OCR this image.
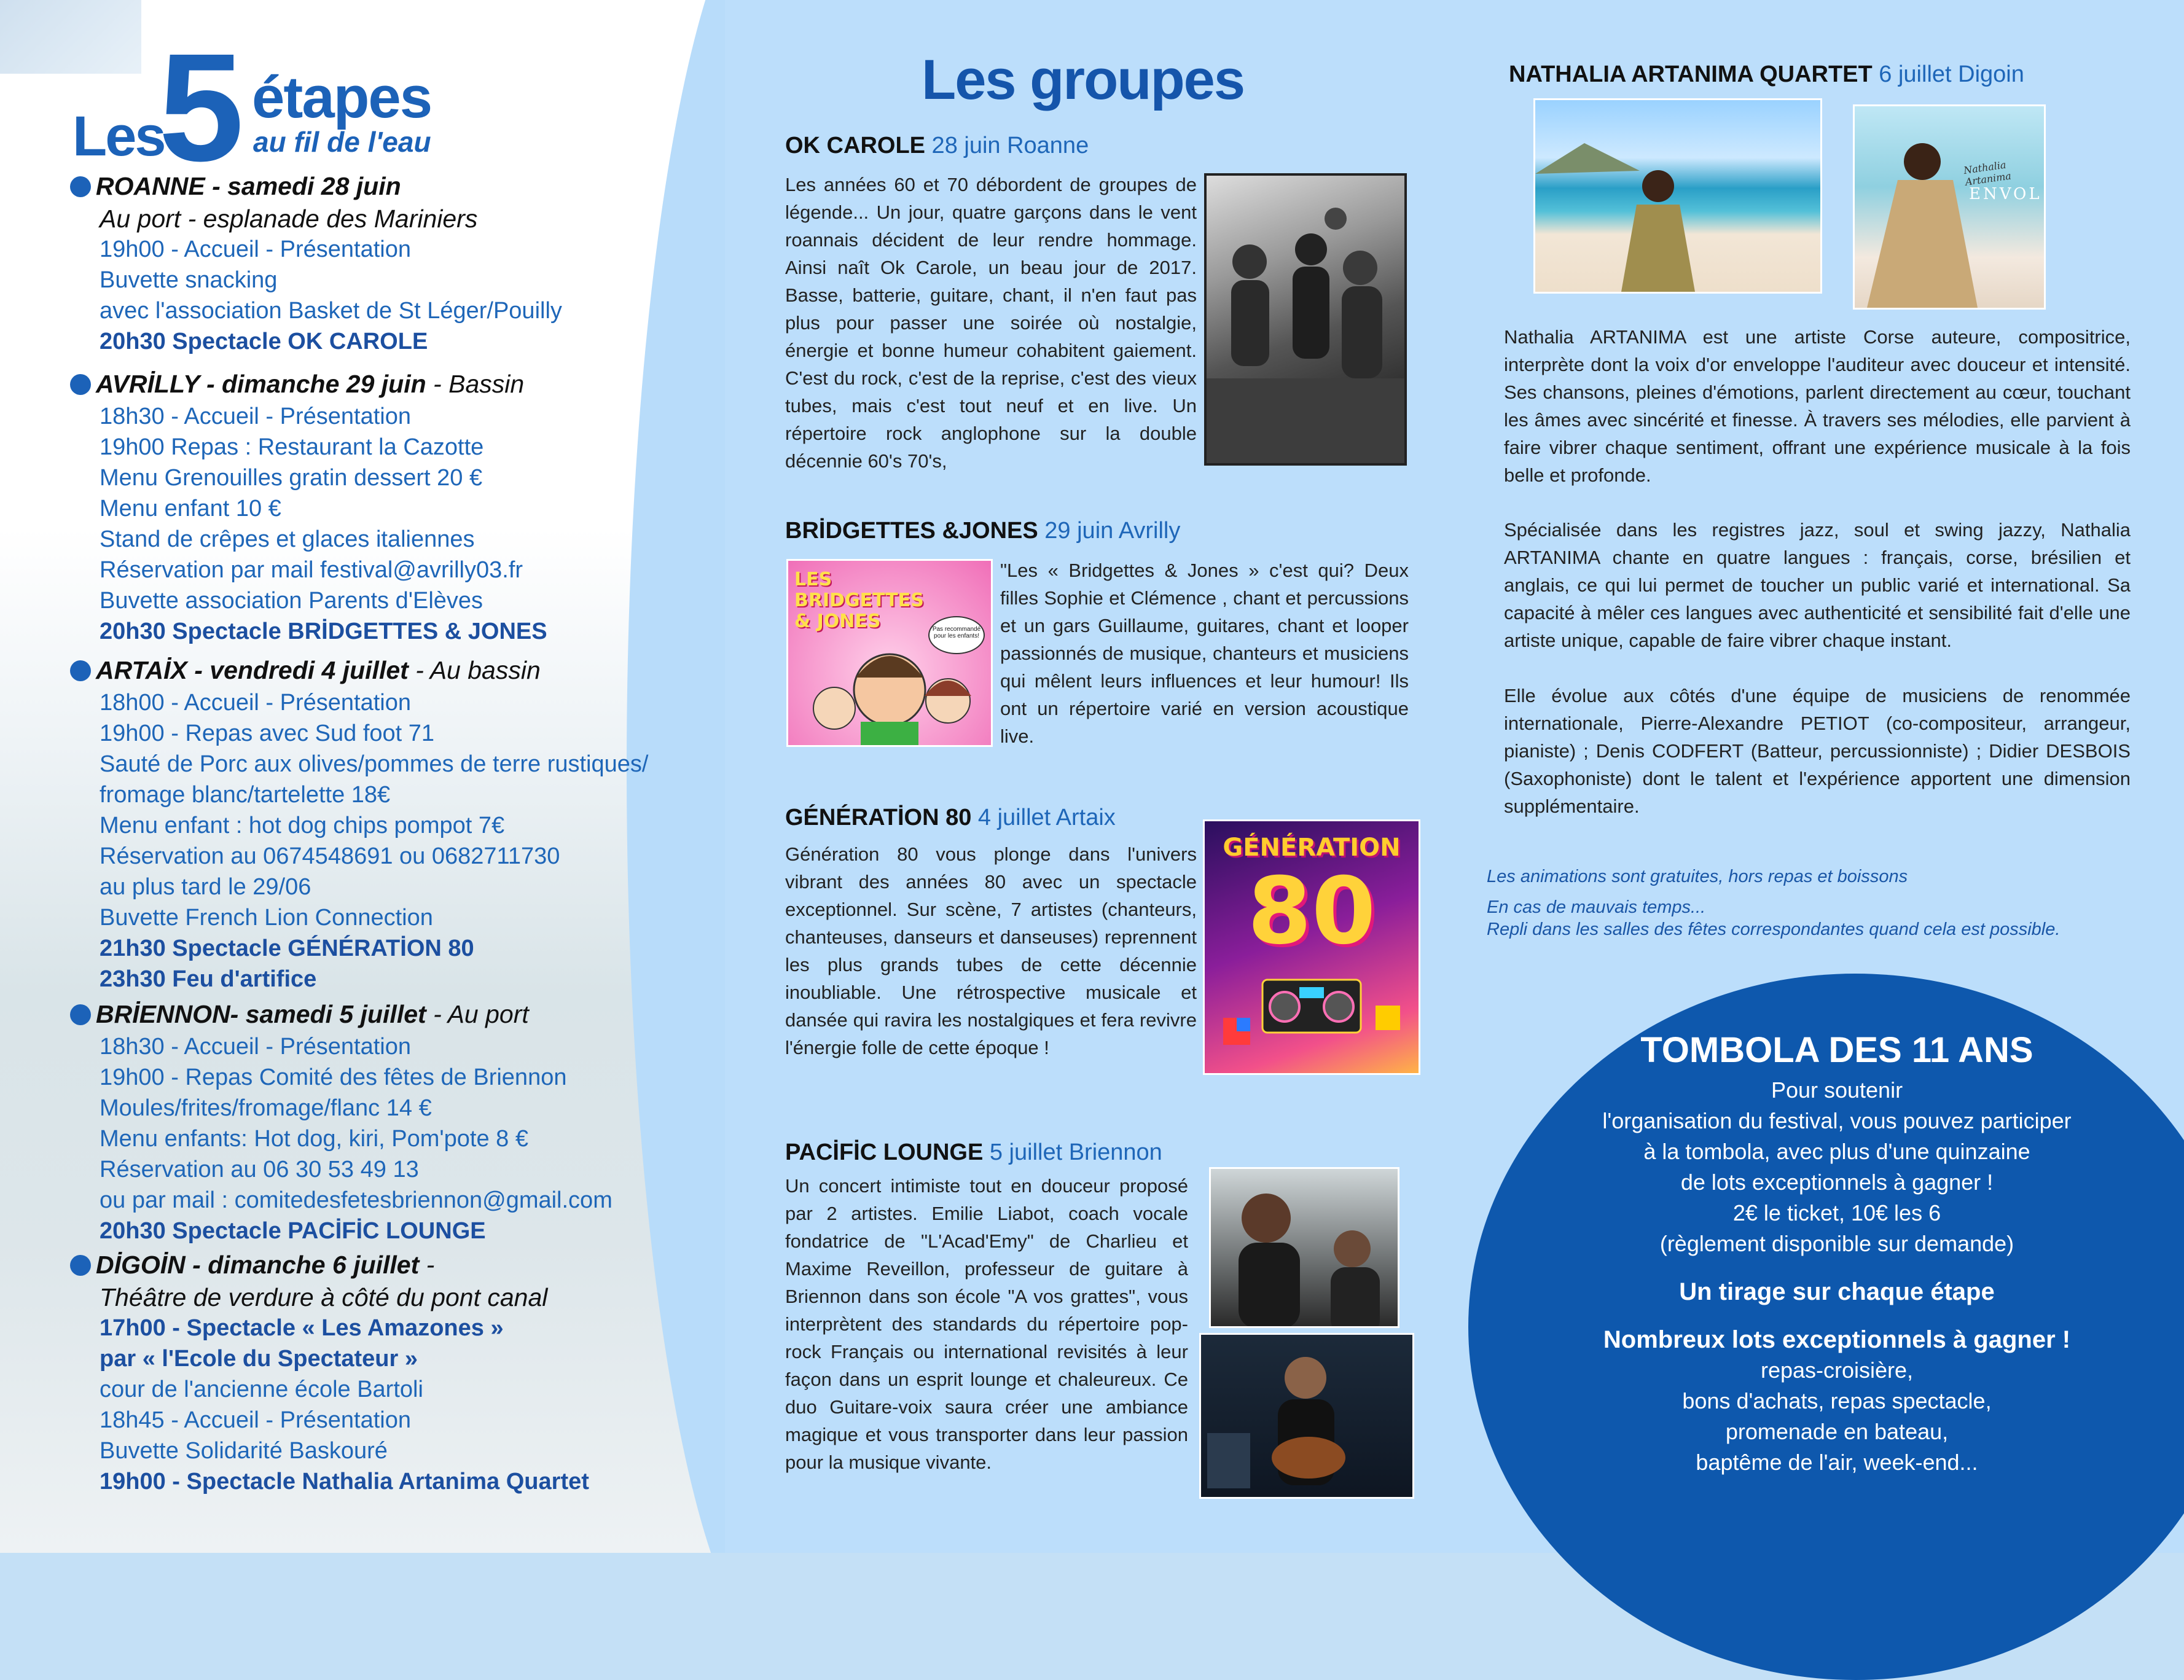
Les
5 étapes
au fil de l'eau
ROANNE - samedi 28 juin
Au port - esplanade des Mariniers
19h00 - Accueil - Présentation
Buvette snacking
avec l'association Basket de St Léger/Pouilly
20h30 Spectacle OK CAROLE
AVRİLLY - dimanche 29 juin - Bassin
18h30 - Accueil - Présentation
19h00 Repas : Restaurant la Cazotte
Menu Grenouilles gratin dessert 20 €
Menu enfant 10 €
Stand de crêpes et glaces italiennes
Réservation par mail festival@avrilly03.fr
Buvette association Parents d'Elèves
20h30 Spectacle BRİDGETTES & JONES
ARTAİX - vendredi 4 juillet - Au bassin
18h00 - Accueil - Présentation
19h00 - Repas avec Sud foot 71
Sauté de Porc aux olives/pommes de terre rustiques/
fromage blanc/tartelette 18€
Menu enfant : hot dog chips pompot 7€
Réservation au 0674548691 ou 0682711730
au plus tard le 29/06
Buvette French Lion Connection
21h30 Spectacle GÉNÉRATİON 80
23h30 Feu d'artifice
BRİENNON- samedi 5 juillet - Au port
18h30 - Accueil - Présentation
19h00 - Repas Comité des fêtes de Briennon
Moules/frites/fromage/flanc 14 €
Menu enfants: Hot dog, kiri, Pom'pote 8 €
Réservation au 06 30 53 49 13
ou par mail : comitedesfetesbriennon@gmail.com
20h30 Spectacle PACİFİC LOUNGE
DİGOİN - dimanche 6 juillet -
Théâtre de verdure à côté du pont canal
17h00 - Spectacle « Les Amazones »
par « l'Ecole du Spectateur »
cour de l'ancienne école Bartoli
18h45 - Accueil - Présentation
Buvette Solidarité Baskouré
19h00 - Spectacle Nathalia Artanima Quartet
Les groupes
OK CAROLE 28 juin Roanne
Les années 60 et 70 débordent de groupes de légende... Un jour, quatre garçons dans le vent roannais décident de leur rendre hommage. Ainsi naît Ok Carole, un beau jour de 2017. Basse, batterie, guitare, chant, il n'en faut pas plus pour passer une soirée où nostalgie, énergie et bonne humeur cohabitent gaiement. C'est du rock, c'est de la reprise, c'est des vieux tubes, mais c'est tout neuf et en live. Un répertoire rock anglophone sur la double décennie 60's 70's,
BRİDGETTES &JONES 29 juin Avrilly
LES BRIDGETTES & JONES	Pas recommandé pour les enfants!
"Les « Bridgettes & Jones » c'est qui? Deux filles Sophie et Clémence , chant et percussions et un gars Guillaume, guitares, chant et looper passionnés de musique, chanteurs et musiciens qui mêlent leurs influences et leur humour! Ils ont un répertoire varié en version acoustique live.
GÉNÉRATİON 80 4 juillet Artaix
Génération 80 vous plonge dans l'univers vibrant des années 80 avec un spectacle exceptionnel. Sur scène, 7 artistes (chanteurs, chanteuses, danseurs et danseuses) reprennent les plus grands tubes de cette décennie inoubliable. Une rétrospective musicale et dansée qui ravira les nostalgiques et fera revivre l'énergie folle de cette époque !
GÉNÉRATION
80
PACİFİC LOUNGE 5 juillet Briennon
Un concert intimiste tout en douceur proposé par 2 artistes. Emilie Liabot, coach vocale fondatrice de "L'Acad'Emy" de Charlieu et Maxime Reveillon, professeur de guitare à Briennon dans son école "A vos grattes", vous interprètent des standards du répertoire pop-rock Français ou international revisités à leur façon dans un esprit lounge et chaleureux. Ce duo Guitare-voix saura créer une ambiance magique et vous transporter dans leur passion pour la musique vivante.
NATHALIA ARTANIMA QUARTET 6 juillet Digoin
Nathalia Artanima
ENVOL
Nathalia ARTANIMA est une artiste Corse auteure, compositrice, interprète dont la voix d'or enveloppe l'auditeur avec douceur et intensité. Ses chansons, pleines d'émotions, parlent directement au cœur, touchant les âmes avec sincérité et finesse. À travers ses mélodies, elle parvient à faire vibrer chaque sentiment, offrant une expérience musicale à la fois belle et profonde.
Spécialisée dans les registres jazz, soul et swing jazzy, Nathalia ARTANIMA chante en quatre langues : français, corse, brésilien et anglais, ce qui lui permet de toucher un public varié et international. Sa capacité à mêler ces langues avec authenticité et sensibilité fait d'elle une artiste unique, capable de faire vibrer chaque instant.
Elle évolue aux côtés d'une équipe de musiciens de renommée internationale, Pierre-Alexandre PETIOT (co-compositeur, arrangeur, pianiste) ; Denis CODFERT (Batteur, percussionniste) ; Didier DESBOIS (Saxophoniste) dont le talent et l'expérience apportent une dimension supplémentaire.
Les animations sont gratuites, hors repas et boissons
En cas de mauvais temps...
Repli dans les salles des fêtes correspondantes quand cela est possible.
TOMBOLA DES 11 ANS
Pour soutenir
l'organisation du festival, vous pouvez participer
à la tombola, avec plus d'une quinzaine
de lots exceptionnels à gagner !
2€ le ticket, 10€ les 6
(règlement disponible sur demande)
Un tirage sur chaque étape
Nombreux lots exceptionnels à gagner !
repas-croisière,
bons d'achats, repas spectacle,
promenade en bateau,
baptême de l'air, week-end...
